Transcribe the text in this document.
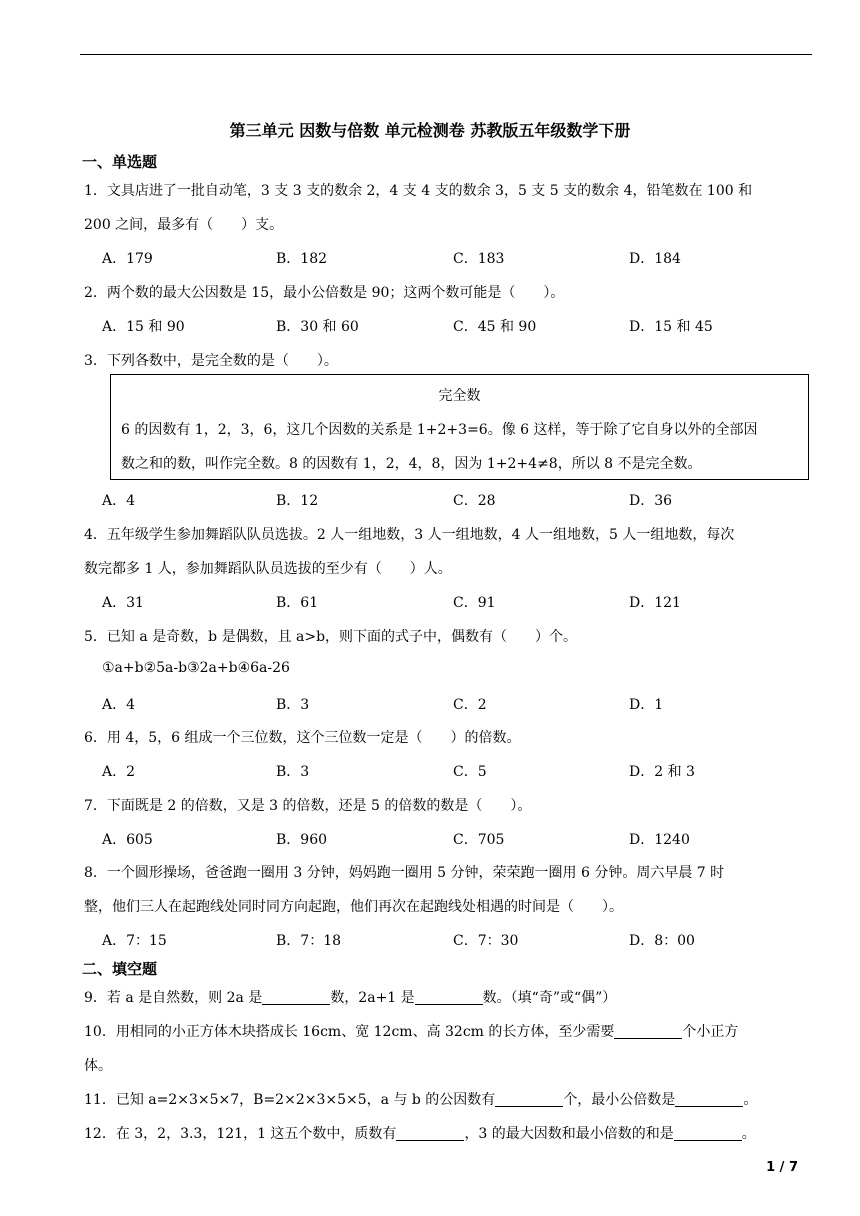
第三单元 因数与倍数 单元检测卷 苏教版五年级数学下册
一、单选题
1．文具店进了一批自动笔，3 支 3 支的数余 2，4 支 4 支的数余 3，5 支 5 支的数余 4，铅笔数在 100 和
200 之间，最多有（　　）支。
A．179	B．182	C．183	D．184
2．两个数的最大公因数是 15，最小公倍数是 90；这两个数可能是（　　）。
A．15 和 90	B．30 和 60	C．45 和 90	D．15 和 45
3．下列各数中，是完全数的是（　　）。
完全数
6 的因数有 1，2，3，6，这几个因数的关系是 1+2+3=6。像 6 这样，等于除了它自身以外的全部因
数之和的数，叫作完全数。8 的因数有 1，2，4，8，因为 1+2+4≠8，所以 8 不是完全数。
A．4	B．12	C．28	D．36
4．五年级学生参加舞蹈队队员选拔。2 人一组地数，3 人一组地数，4 人一组地数，5 人一组地数，每次
数完都多 1 人，参加舞蹈队队员选拔的至少有（　　）人。
A．31	B．61	C．91	D．121
5．已知 a 是奇数，b 是偶数，且 a>b，则下面的式子中，偶数有（　　）个。
①a+b②5a-b③2a+b④6a-26
A．4	B．3	C．2	D．1
6．用 4，5，6 组成一个三位数，这个三位数一定是（　　）的倍数。
A．2	B．3	C．5	D．2 和 3
7．下面既是 2 的倍数，又是 3 的倍数，还是 5 的倍数的数是（　　）。
A．605	B．960	C．705	D．1240
8．一个圆形操场，爸爸跑一圈用 3 分钟，妈妈跑一圈用 5 分钟，荣荣跑一圈用 6 分钟。周六早晨 7 时
整，他们三人在起跑线处同时同方向起跑，他们再次在起跑线处相遇的时间是（　　）。
A．7：15	B．7：18	C．7：30	D．8：00
二、填空题
9．若 a 是自然数，则 2a 是	数，2a+1 是	数。（填“奇”或“偶”）
10．用相同的小正方体木块搭成长 16cm、宽 12cm、高 32cm 的长方体，至少需要	个小正方
体。
11．已知 a=2×3×5×7，B=2×2×3×5×5，a 与 b 的公因数有	个，最小公倍数是	。
12．在 3，2，3.3，121，1 这五个数中，质数有	，3 的最大因数和最小倍数的和是	。
1 / 7
